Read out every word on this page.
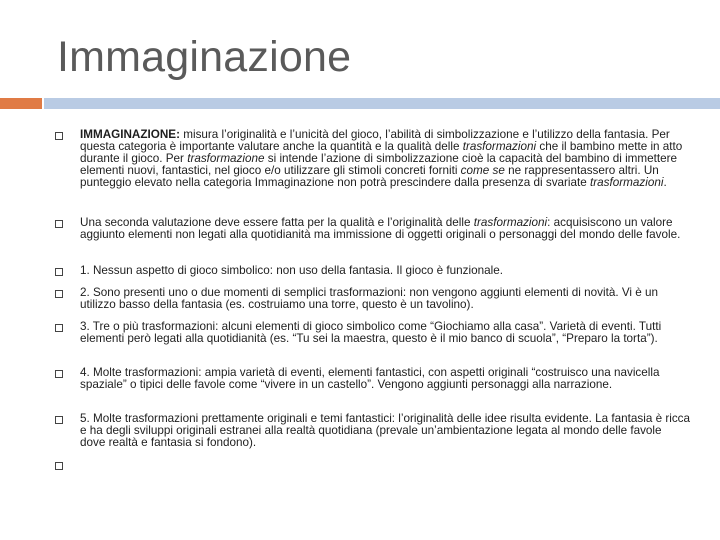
Immaginazione
IMMAGINAZIONE: misura l’originalità e l’unicità del gioco, l’abilità di simbolizzazione e l’utilizzo della fantasia. Per questa categoria è importante valutare anche la quantità e la qualità delle trasformazioni che il bambino mette in atto durante il gioco. Per trasformazione si intende l’azione di simbolizzazione cioè la capacità del bambino di immettere elementi nuovi, fantastici, nel gioco e/o utilizzare gli stimoli concreti forniti come se ne rappresentassero altri. Un punteggio elevato nella categoria Immaginazione non potrà prescindere dalla presenza di svariate trasformazioni.
Una seconda valutazione deve essere fatta per la qualità e l’originalità delle trasformazioni: acquisiscono un valore aggiunto elementi non legati alla quotidianità ma immissione di oggetti originali o personaggi del mondo delle favole.
1. Nessun aspetto di gioco simbolico: non uso della fantasia. Il gioco è funzionale.
2. Sono presenti uno o due momenti di semplici trasformazioni: non vengono aggiunti elementi di novità. Vi è un utilizzo basso della fantasia (es. costruiamo una torre, questo è un tavolino).
3. Tre o più trasformazioni: alcuni elementi di gioco simbolico come “Giochiamo alla casa”. Varietà di eventi. Tutti elementi però legati alla quotidianità (es. “Tu sei la maestra, questo è il mio banco di scuola”, “Preparo la torta”).
4. Molte trasformazioni: ampia varietà di eventi, elementi fantastici, con aspetti originali “costruisco una navicella spaziale” o tipici delle favole come “vivere in un castello”. Vengono aggiunti personaggi alla narrazione.
5. Molte trasformazioni prettamente originali e temi fantastici: l’originalità delle idee risulta evidente. La fantasia è ricca e ha degli sviluppi originali estranei alla realtà quotidiana (prevale un’ambientazione legata al mondo delle favole dove realtà e fantasia si fondono).
